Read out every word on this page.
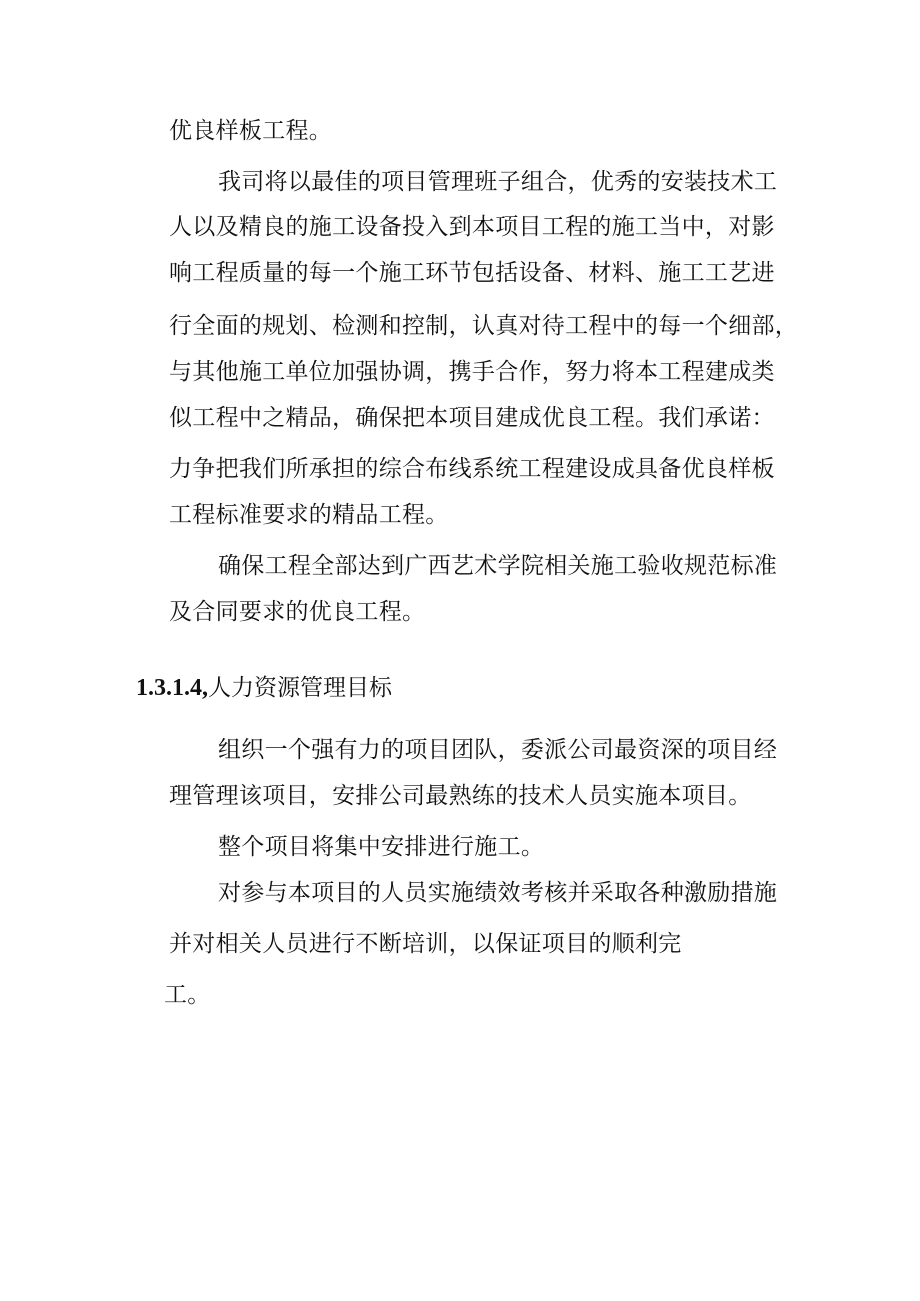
优良样板工程。
我司将以最佳的项目管理班子组合，优秀的安装技术工
人以及精良的施工设备投入到本项目工程的施工当中，对影
响工程质量的每一个施工环节包括设备、材料、施工工艺进
行全面的规划、检测和控制，认真对待工程中的每一个细部，
与其他施工单位加强协调，携手合作，努力将本工程建成类
似工程中之精品，确保把本项目建成优良工程。我们承诺：
力争把我们所承担的综合布线系统工程建设成具备优良样板
工程标准要求的精品工程。
确保工程全部达到广西艺术学院相关施工验收规范标准
及合同要求的优良工程。
1.3.1.4,人力资源管理目标
组织一个强有力的项目团队，委派公司最资深的项目经
理管理该项目，安排公司最熟练的技术人员实施本项目。
整个项目将集中安排进行施工。
对参与本项目的人员实施绩效考核并采取各种激励措施
并对相关人员进行不断培训，以保证项目的顺利完
工。
